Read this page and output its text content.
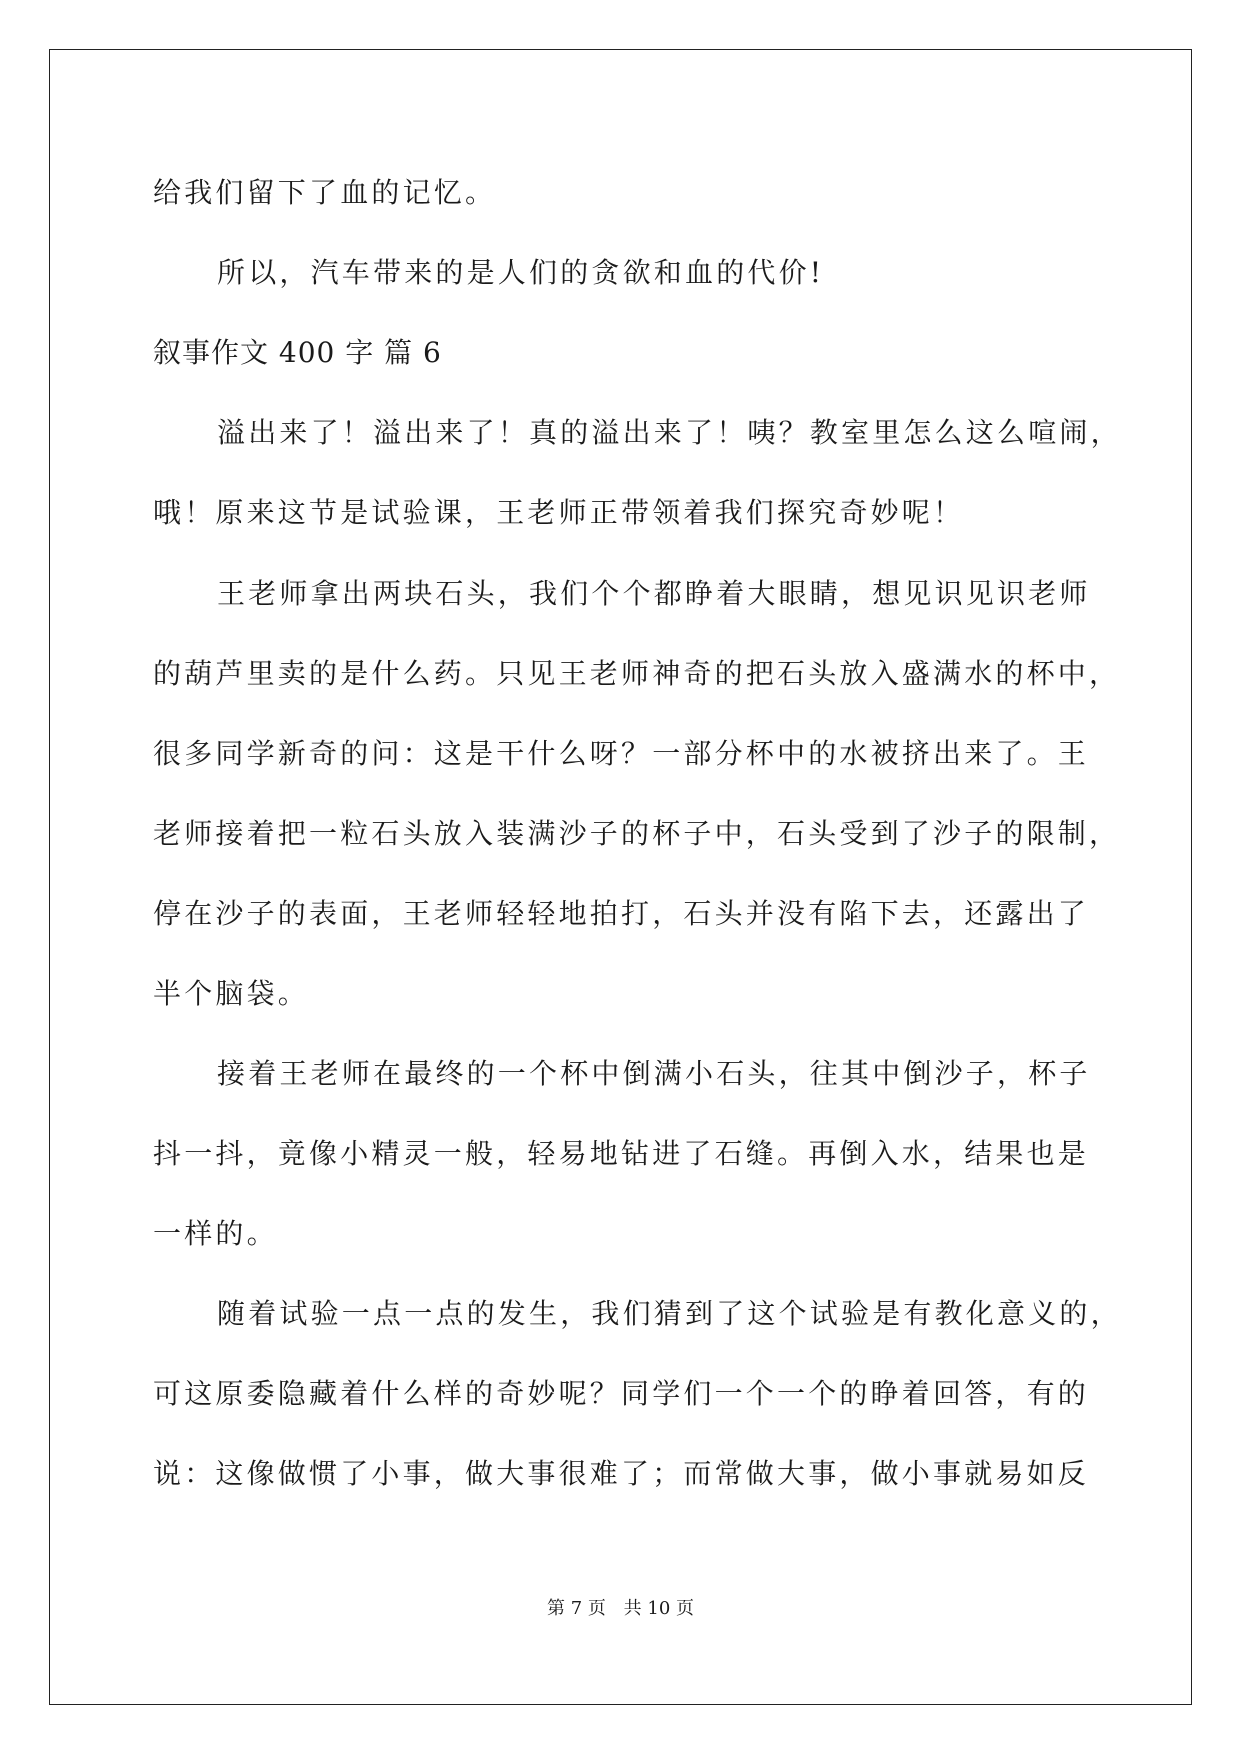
给我们留下了血的记忆。
所以，汽车带来的是人们的贪欲和血的代价!
叙事作文 400 字 篇 6
溢出来了！溢出来了！真的溢出来了！咦？教室里怎么这么喧闹，
哦！原来这节是试验课，王老师正带领着我们探究奇妙呢！
王老师拿出两块石头，我们个个都睁着大眼睛，想见识见识老师
的葫芦里卖的是什么药。只见王老师神奇的把石头放入盛满水的杯中，
很多同学新奇的问：这是干什么呀？一部分杯中的水被挤出来了。王
老师接着把一粒石头放入装满沙子的杯子中，石头受到了沙子的限制，
停在沙子的表面，王老师轻轻地拍打，石头并没有陷下去，还露出了
半个脑袋。
接着王老师在最终的一个杯中倒满小石头，往其中倒沙子，杯子
抖一抖，竟像小精灵一般，轻易地钻进了石缝。再倒入水，结果也是
一样的。
随着试验一点一点的发生，我们猜到了这个试验是有教化意义的，
可这原委隐藏着什么样的奇妙呢？同学们一个一个的睁着回答，有的
说：这像做惯了小事，做大事很难了；而常做大事，做小事就易如反
第 7 页 共 10 页
